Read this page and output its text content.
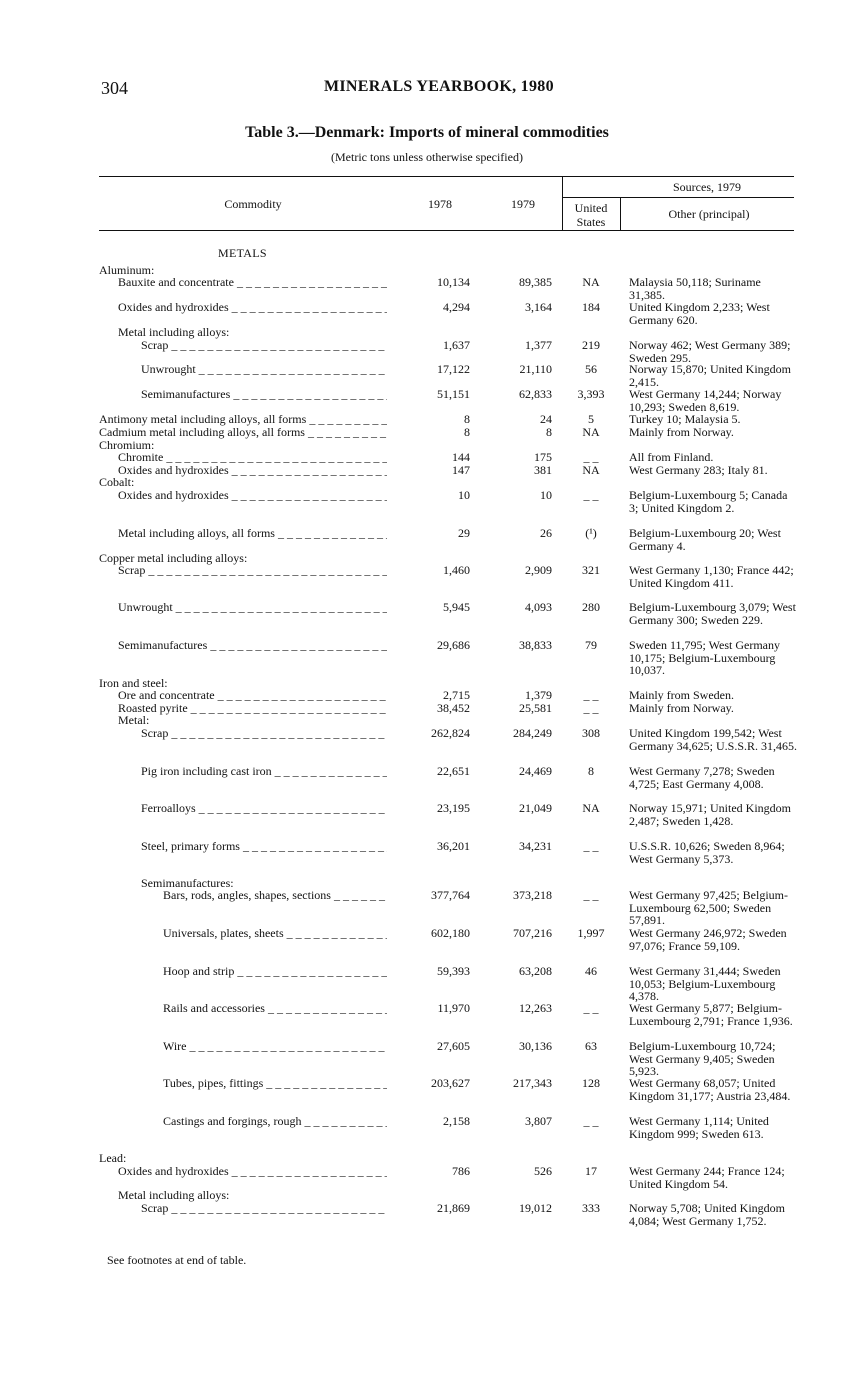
304	MINERALS YEARBOOK, 1980
Table 3.—Denmark: Imports of mineral commodities
(Metric tons unless otherwise specified)
Commodity	1978	1979
Sources, 1979
United States
Other (principal)
METALS
Aluminum:
Bauxite and concentrate _ _ _	10,134	89,385	NA	Malaysia 50,118; Suriname 31,385.
Oxides and hydroxides _ _ _	4,294	3,164	184	United Kingdom 2,233; West Germany 620.
Metal including alloys:
Scrap _ _ _	1,637	1,377	219	Norway 462; West Germany 389; Sweden 295.
Unwrought _ _ _	17,122	21,110	56	Norway 15,870; United Kingdom 2,415.
Semimanufactures _ _ _	51,151	62,833	3,393	West Germany 14,244; Norway 10,293; Sweden 8,619.
Antimony metal including alloys, all forms _ _ _	8	24	5	Turkey 10; Malaysia 5.
Cadmium metal including alloys, all forms _ _ _	8	8	NA	Mainly from Norway.
Chromium:
Chromite _ _ _	144	175	_ _	All from Finland.
Oxides and hydroxides _ _ _	147	381	NA	West Germany 283; Italy 81.
Cobalt:
Oxides and hydroxides _ _ _	10	10	_ _	Belgium-Luxembourg 5; Canada 3; United Kingdom 2.
Metal including alloys, all forms _ _ _	29	26	(¹)	Belgium-Luxembourg 20; West Germany 4.
Copper metal including alloys:
Scrap _ _ _	1,460	2,909	321	West Germany 1,130; France 442; United Kingdom 411.
Unwrought _ _ _	5,945	4,093	280	Belgium-Luxembourg 3,079; West Germany 300; Sweden 229.
Semimanufactures _ _ _	29,686	38,833	79	Sweden 11,795; West Germany 10,175; Belgium-Luxembourg 10,037.
Iron and steel:
Ore and concentrate _ _ _	2,715	1,379	_ _	Mainly from Sweden.
Roasted pyrite _ _ _	38,452	25,581	_ _	Mainly from Norway.
Metal:
Scrap _ _ _	262,824	284,249	308	United Kingdom 199,542; West Germany 34,625; U.S.S.R. 31,465.
Pig iron including cast iron _ _ _	22,651	24,469	8	West Germany 7,278; Sweden 4,725; East Germany 4,008.
Ferroalloys _ _ _	23,195	21,049	NA	Norway 15,971; United Kingdom 2,487; Sweden 1,428.
Steel, primary forms _ _ _	36,201	34,231	_ _	U.S.S.R. 10,626; Sweden 8,964; West Germany 5,373.
Semimanufactures:
Bars, rods, angles, shapes, sections _ _ _	377,764	373,218	_ _	West Germany 97,425; Belgium-Luxembourg 62,500; Sweden 57,891.
Universals, plates, sheets _ _ _	602,180	707,216	1,997	West Germany 246,972; Sweden 97,076; France 59,109.
Hoop and strip _ _ _	59,393	63,208	46	West Germany 31,444; Sweden 10,053; Belgium-Luxembourg 4,378.
Rails and accessories _ _ _	11,970	12,263	_ _	West Germany 5,877; Belgium-Luxembourg 2,791; France 1,936.
Wire _ _ _	27,605	30,136	63	Belgium-Luxembourg 10,724; West Germany 9,405; Sweden 5,923.
Tubes, pipes, fittings _ _ _	203,627	217,343	128	West Germany 68,057; United Kingdom 31,177; Austria 23,484.
Castings and forgings, rough _ _ _	2,158	3,807	_ _	West Germany 1,114; United Kingdom 999; Sweden 613.
Lead:
Oxides and hydroxides _ _ _	786	526	17	West Germany 244; France 124; United Kingdom 54.
Metal including alloys:
Scrap _ _ _	21,869	19,012	333	Norway 5,708; United Kingdom 4,084; West Germany 1,752.
See footnotes at end of table.
